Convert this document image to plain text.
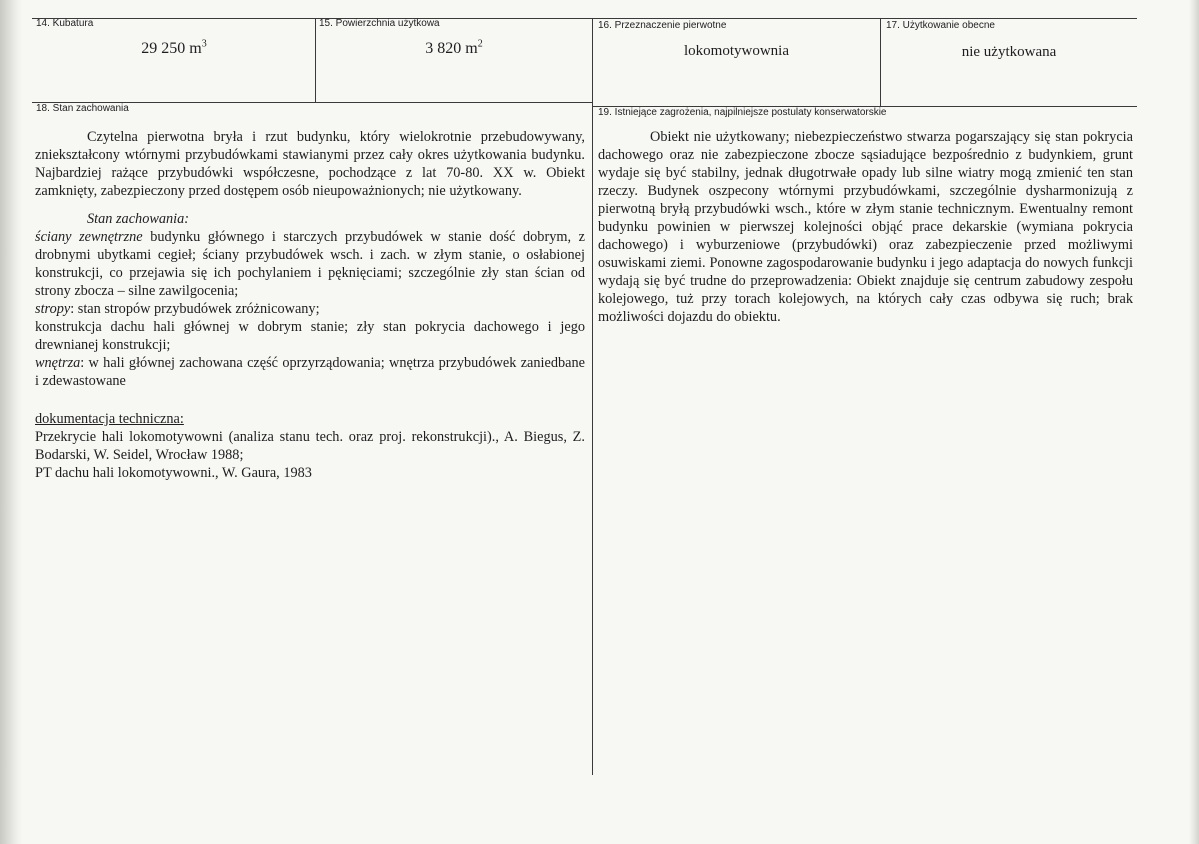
14. Kubatura
29 250 $m^3$
15. Powierzchnia użytkowa
3 820 $m^2$
16. Przeznaczenie pierwotne
lokomotywownia
17. Użytkowanie obecne
nie użytkowana
18. Stan zachowania	19. Istniejące zagrożenia, najpilniejsze postulaty konserwatorskie

Czytelna pierwotna bryła i rzut budynku, który wielokrotnie przebudowywany, zniekształcony wtórnymi przybudówkami stawianymi przez cały okres użytkowania budynku. Najbardziej rażące przybudówki współczesne, pochodzące z lat 70-80. XX w. Obiekt zamknięty, zabezpieczony przed dostępem osób nieupoważnionych; nie użytkowany.

Stan zachowania:

ściany zewnętrzne budynku głównego i starczych przybudówek w stanie dość dobrym, z drobnymi ubytkami cegieł; ściany przybudówek wsch. i zach. w złym stanie, o osłabionej konstrukcji, co przejawia się ich pochylaniem i pęknięciami; szczególnie zły stan ścian od strony zbocza – silne zawilgocenia;

stropy: stan stropów przybudówek zróżnicowany;

konstrukcja dachu hali głównej w dobrym stanie; zły stan pokrycia dachowego i jego drewnianej konstrukcji;

wnętrza: w hali głównej zachowana część oprzyrządowania; wnętrza przybudówek zaniedbane i zdewastowane

dokumentacja techniczna:

Przekrycie hali lokomotywowni (analiza stanu tech. oraz proj. rekonstrukcji)., A. Biegus, Z. Bodarski, W. Seidel, Wrocław 1988;

PT dachu hali lokomotywowni., W. Gaura, 1983

Obiekt nie użytkowany; niebezpieczeństwo stwarza pogarszający się stan pokrycia dachowego oraz nie zabezpieczone zbocze sąsiadujące bezpośrednio z budynkiem, grunt wydaje się być stabilny, jednak długotrwałe opady lub silne wiatry mogą zmienić ten stan rzeczy. Budynek oszpecony wtórnymi przybudówkami, szczególnie dysharmonizują z pierwotną bryłą przybudówki wsch., które w złym stanie technicznym. Ewentualny remont budynku powinien w pierwszej kolejności objąć prace dekarskie (wymiana pokrycia dachowego) i wyburzeniowe (przybudówki) oraz zabezpieczenie przed możliwymi osuwiskami ziemi. Ponowne zagospodarowanie budynku i jego adaptacja do nowych funkcji wydają się być trudne do przeprowadzenia: Obiekt znajduje się centrum zabudowy zespołu kolejowego, tuż przy torach kolejowych, na których cały czas odbywa się ruch; brak możliwości dojazdu do obiektu.
